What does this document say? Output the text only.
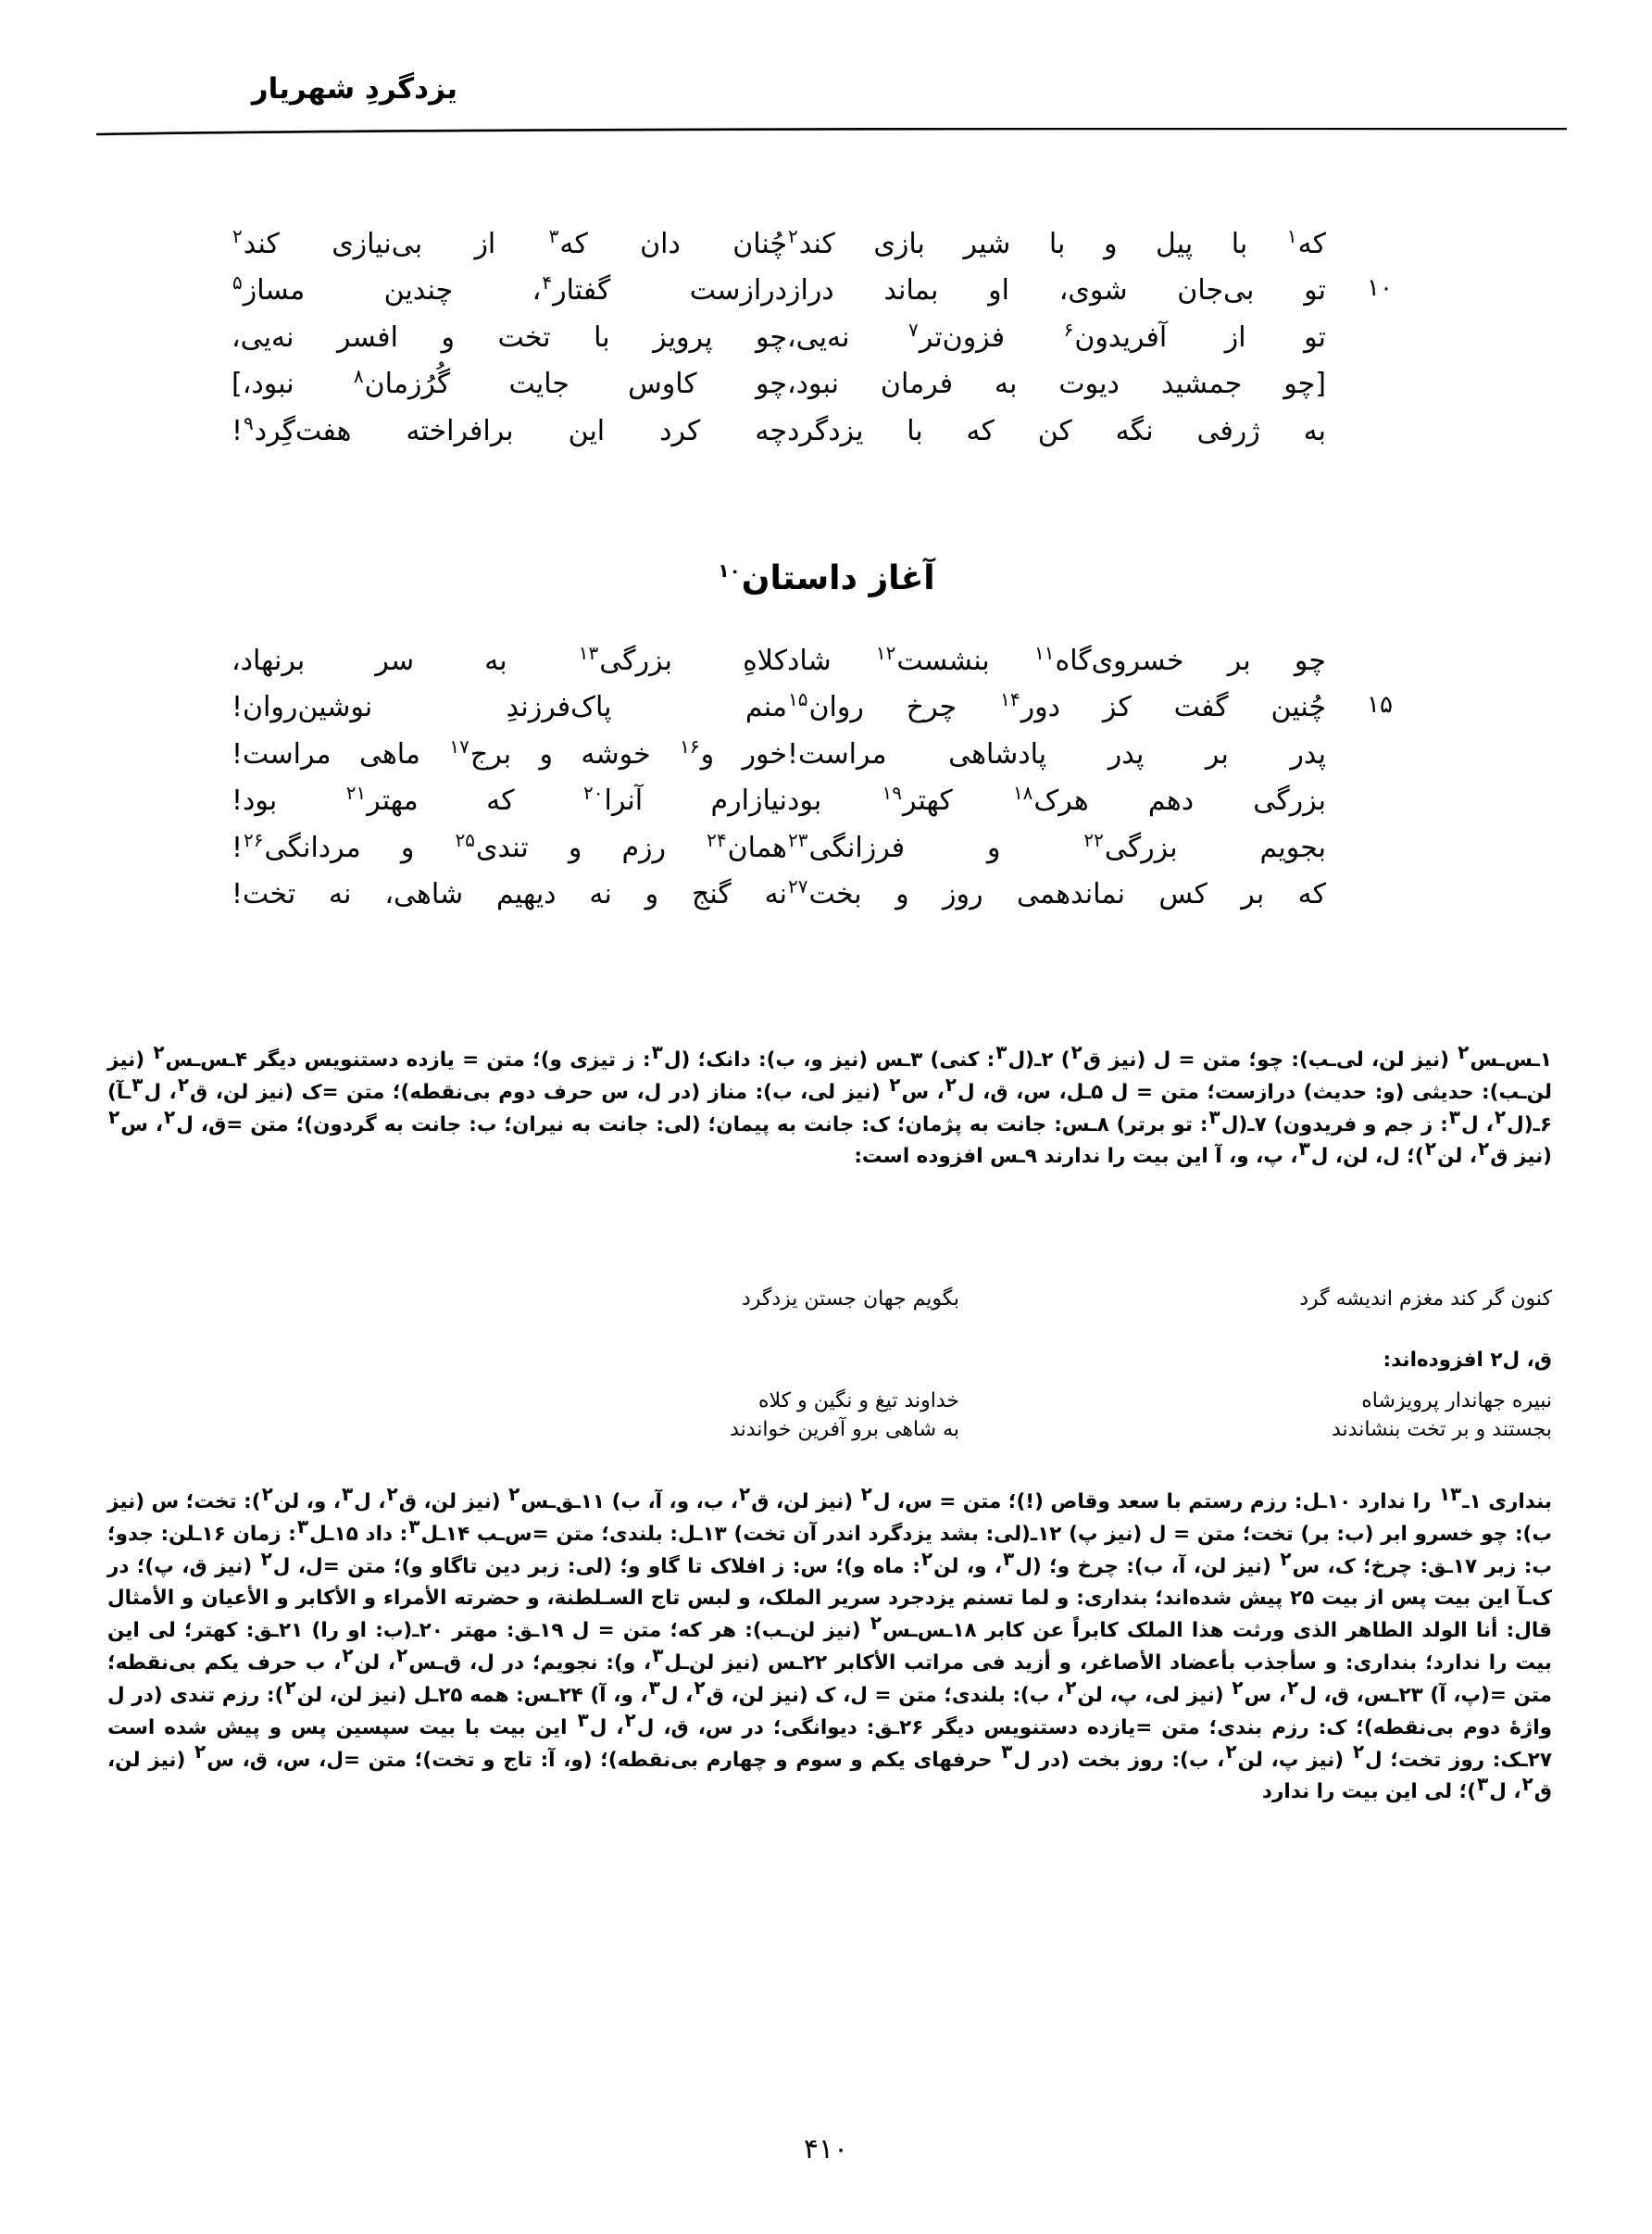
یزدگردِ شهریار
که$^۱$ با پیل و با شیر بازی کند$^۲$
چُنان دان که$^۳$ از بی‌نیازی کند$^۲$
۱۰
تو بی‌جان شوی، او بماند دراز
درازست گفتار$^۴$، چندین مساز$^۵$
تو از آفریدون$^۶$ فزون‌تر$^۷$ نه‌یی،
چو پرویز با تخت و افسر نه‌یی،
[چو جمشید دیوت به فرمان نبود،
چو کاوس جایت گُرُزمان$^۸$ نبود،]
به ژرفی نگه کن که با یزدگرد
چه کرد این برافراخته هفت‌گِرد$^۹$!
آغاز داستان$^{۱۰}$
چو بر خسروی‌گاه$^{۱۱}$ بنشست$^{۱۲}$ شاد
کلاهِ بزرگی$^{۱۳}$ به سر برنهاد،
۱۵
چُنین گفت کز دور$^{۱۴}$ چرخ روان$^{۱۵}$
منم پاک‌فرزندِ نوشین‌روان!
پدر بر پدر پادشاهی مراست!
خور و$^{۱۶}$ خوشه و برج$^{۱۷}$ ماهی مراست!
بزرگی دهم هرک$^{۱۸}$ کهتر$^{۱۹}$ بود
نیازارم آنرا$^{۲۰}$ که مهتر$^{۲۱}$ بود!
بجویم بزرگی$^{۲۲}$ و فرزانگی$^{۲۳}$
همان$^{۲۴}$ رزم و تندی$^{۲۵}$ و مردانگی$^{۲۶}$!
که بر کس نماندهمی روز و بخت$^{۲۷}$
نه گنج و نه دیهیم شاهی، نه تخت!

۱ـس‌ـس$^۲$ (نیز لن، لی‌ـب): چو؛ متن = ل (نیز ق$^۲$) ۲ـ(ل$^۳$: کنی) ۳ـس (نیز و، ب): دانک؛ (ل$^۳$: ز تیزی و)؛ متن = یازده دستنویس دیگر ۴ـس‌ـس$^۲$ (نیز لن‌ـب): حدیثی (و: حدیث) درازست؛ متن = ل ۵ـل، س، ق، ل$^۲$، س$^۲$ (نیز لی، ب): مناز (در ل، س حرف دوم بی‌نقطه)؛ متن =ک (نیز لن، ق$^۲$، ل$^۳$ـآ) ۶ـ(ل$^۲$، ل$^۳$: ز جم و فریدون) ۷ـ(ل$^۳$: تو برتر) ۸ـس: جانت به پژمان؛ ک: جانت به پیمان؛ (لی: جانت به نیران؛ ب: جانت به گردون)؛ متن =ق، ل$^۲$، س$^۲$ (نیز ق$^۲$، لن$^۲$)؛ ل، لن، ل$^۳$، پ، و، آ این بیت را ندارند ۹ـس افزوده است:

کنون گر کند مغزم اندیشه گرد
بگویم جهان جستن یزدگرد

ق، ل۲ افزوده‌اند:

نبیره جهاندار پرویزشاه
خداوند تیغ و نگین و کلاه
بجستند و بر تخت بنشاندند
به شاهی برو آفرین خواندند

بنداری ۱ـ$^{۱۳}$ را ندارد ۱۰ـل: رزم رستم با سعد وقاص (!)؛ متن = س، ل$^۲$ (نیز لن، ق$^۲$، ب، و، آ، ب) ۱۱ـق‌ـس$^۲$ (نیز لن، ق$^۲$، ل$^۳$، و، لن$^۲$): تخت؛ س (نیز ب): چو خسرو ابر (ب: بر) تخت؛ متن = ل (نیز پ) ۱۲ـ(لی: بشد یزدگرد اندر آن تخت) ۱۳ـل: بلندی؛ متن =س‌ـب ۱۴ـل$^۳$: داد ۱۵ـل$^۳$: زمان ۱۶ـلن: جدو؛ ب: زبر ۱۷ـق: چرخ؛ ک، س$^۲$ (نیز لن، آ، ب): چرخ و؛ (ل$^۳$، و، لن$^۲$: ماه و)؛ س: ز افلاک تا گاو و؛ (لی: زبر دین تاگاو و)؛ متن =ل، ل$^۲$ (نیز ق، پ)؛ در ک‌ـآ این بیت پس از بیت ۲۵ پیش شده‌اند؛ بنداری: و لما تسنم یزدجرد سریر الملک، و لبس تاج السـلطنة، و حضرته الأمراء و الأکابر و الأعیان و الأمثال قال: أنا الولد الطاهر الذی ورثت هذا الملک کابراً عن کابر ۱۸ـس‌ـس$^۲$ (نیز لن‌ـب): هر که؛ متن = ل ۱۹ـق: مهتر ۲۰ـ(ب: او را) ۲۱ـق: کهتر؛ لی این بیت را ندارد؛ بنداری: و سأجذب بأعضاد الأصاغر، و أزید فی مراتب الأکابر ۲۲ـس (نیز لن‌ـل$^۳$، و): نجویم؛ در ل، ق‌ـس$^۲$، لن$^۲$، ب حرف یکم بی‌نقطه؛ متن =(پ، آ) ۲۳ـس، ق، ل$^۲$، س$^۲$ (نیز لی، پ، لن$^۲$، ب): بلندی؛ متن = ل، ک (نیز لن، ق$^۲$، ل$^۳$، و، آ) ۲۴ـس: همه ۲۵ـل (نیز لن، لن$^۲$): رزم تندی (در ل واژهٔ دوم بی‌نقطه)؛ ک: رزم بندی؛ متن =یازده دستنویس دیگر ۲۶ـق: دیوانگی؛ در س، ق، ل$^۲$، ل$^۳$ این بیت با بیت سپسین پس و پیش شده است ۲۷ـک: روز تخت؛ ل$^۲$ (نیز پ، لن$^۲$، ب): روز بخت (در ل$^۳$ حرفهای یکم و سوم و چهارم بی‌نقطه)؛ (و، آ: تاج و تخت)؛ متن =ل، س، ق، س$^۲$ (نیز لن، ق$^۲$، ل$^۳$)؛ لی این بیت را ندارد

۴۱۰
